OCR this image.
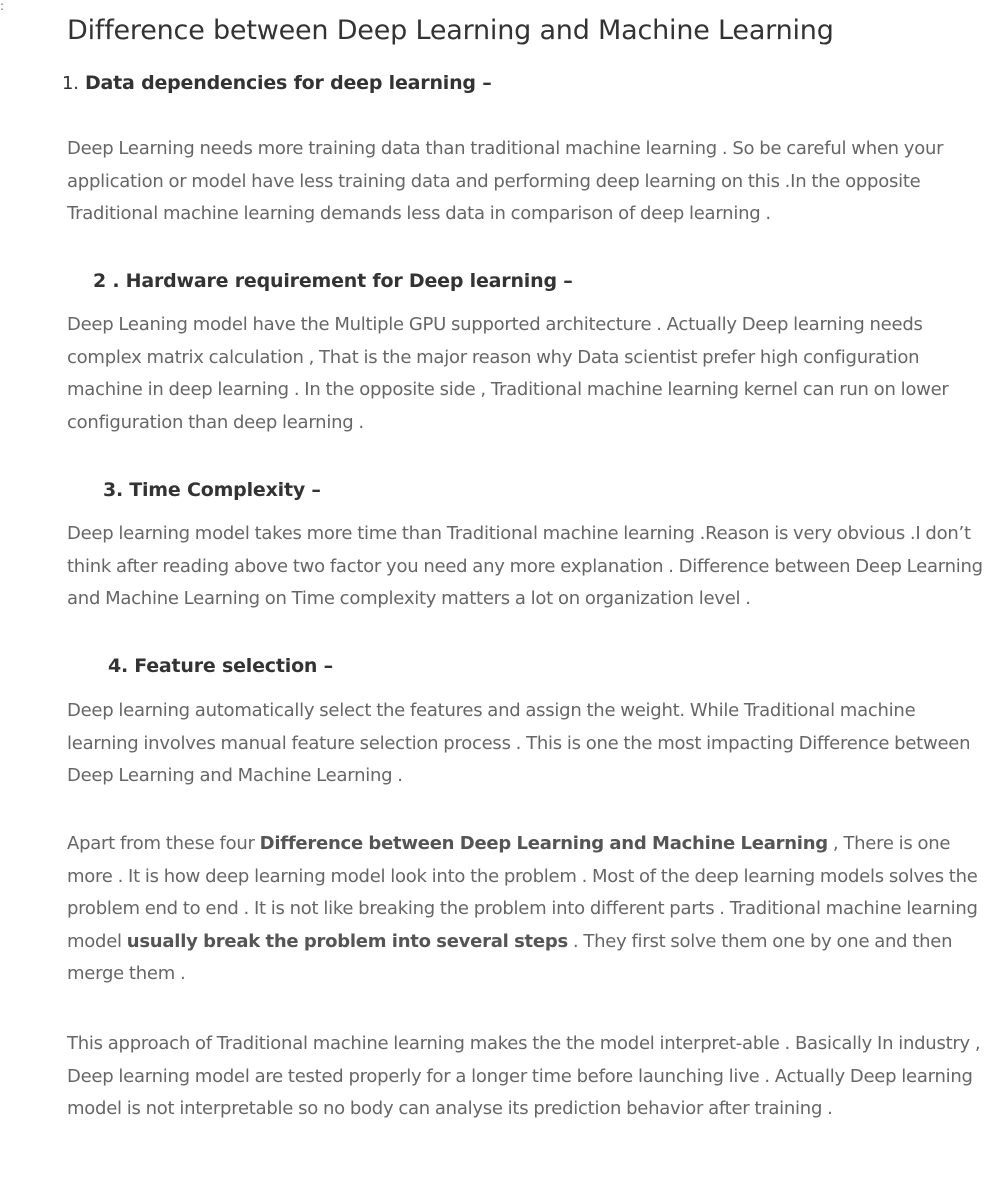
:
Difference between Deep Learning and Machine Learning
1. Data dependencies for deep learning –

Deep Learning needs more training data than traditional machine learning . So be careful when your application or model have less training data and performing deep learning on this .In the opposite Traditional machine learning demands less data in comparison of deep learning .

2 . Hardware requirement for Deep learning –

Deep Leaning model have the Multiple GPU supported architecture . Actually Deep learning needs complex matrix calculation , That is the major reason why Data scientist prefer high configuration machine in deep learning . In the opposite side , Traditional machine learning kernel can run on lower configuration than deep learning .

3. Time Complexity –

Deep learning model takes more time than Traditional machine learning .Reason is very obvious .I don’t think after reading above two factor you need any more explanation . Difference between Deep Learning and Machine Learning on Time complexity matters a lot on organization level .

4. Feature selection –

Deep learning automatically select the features and assign the weight. While Traditional machine learning involves manual feature selection process . This is one the most impacting Difference between Deep Learning and Machine Learning .

Apart from these four Difference between Deep Learning and Machine Learning , There is one more . It is how deep learning model look into the problem . Most of the deep learning models solves the problem end to end . It is not like breaking the problem into different parts . Traditional machine learning model usually break the problem into several steps . They first solve them one by one and then merge them .

This approach of Traditional machine learning makes the the model interpret-able . Basically In industry , Deep learning model are tested properly for a longer time before launching live . Actually Deep learning model is not interpretable so no body can analyse its prediction behavior after training .
